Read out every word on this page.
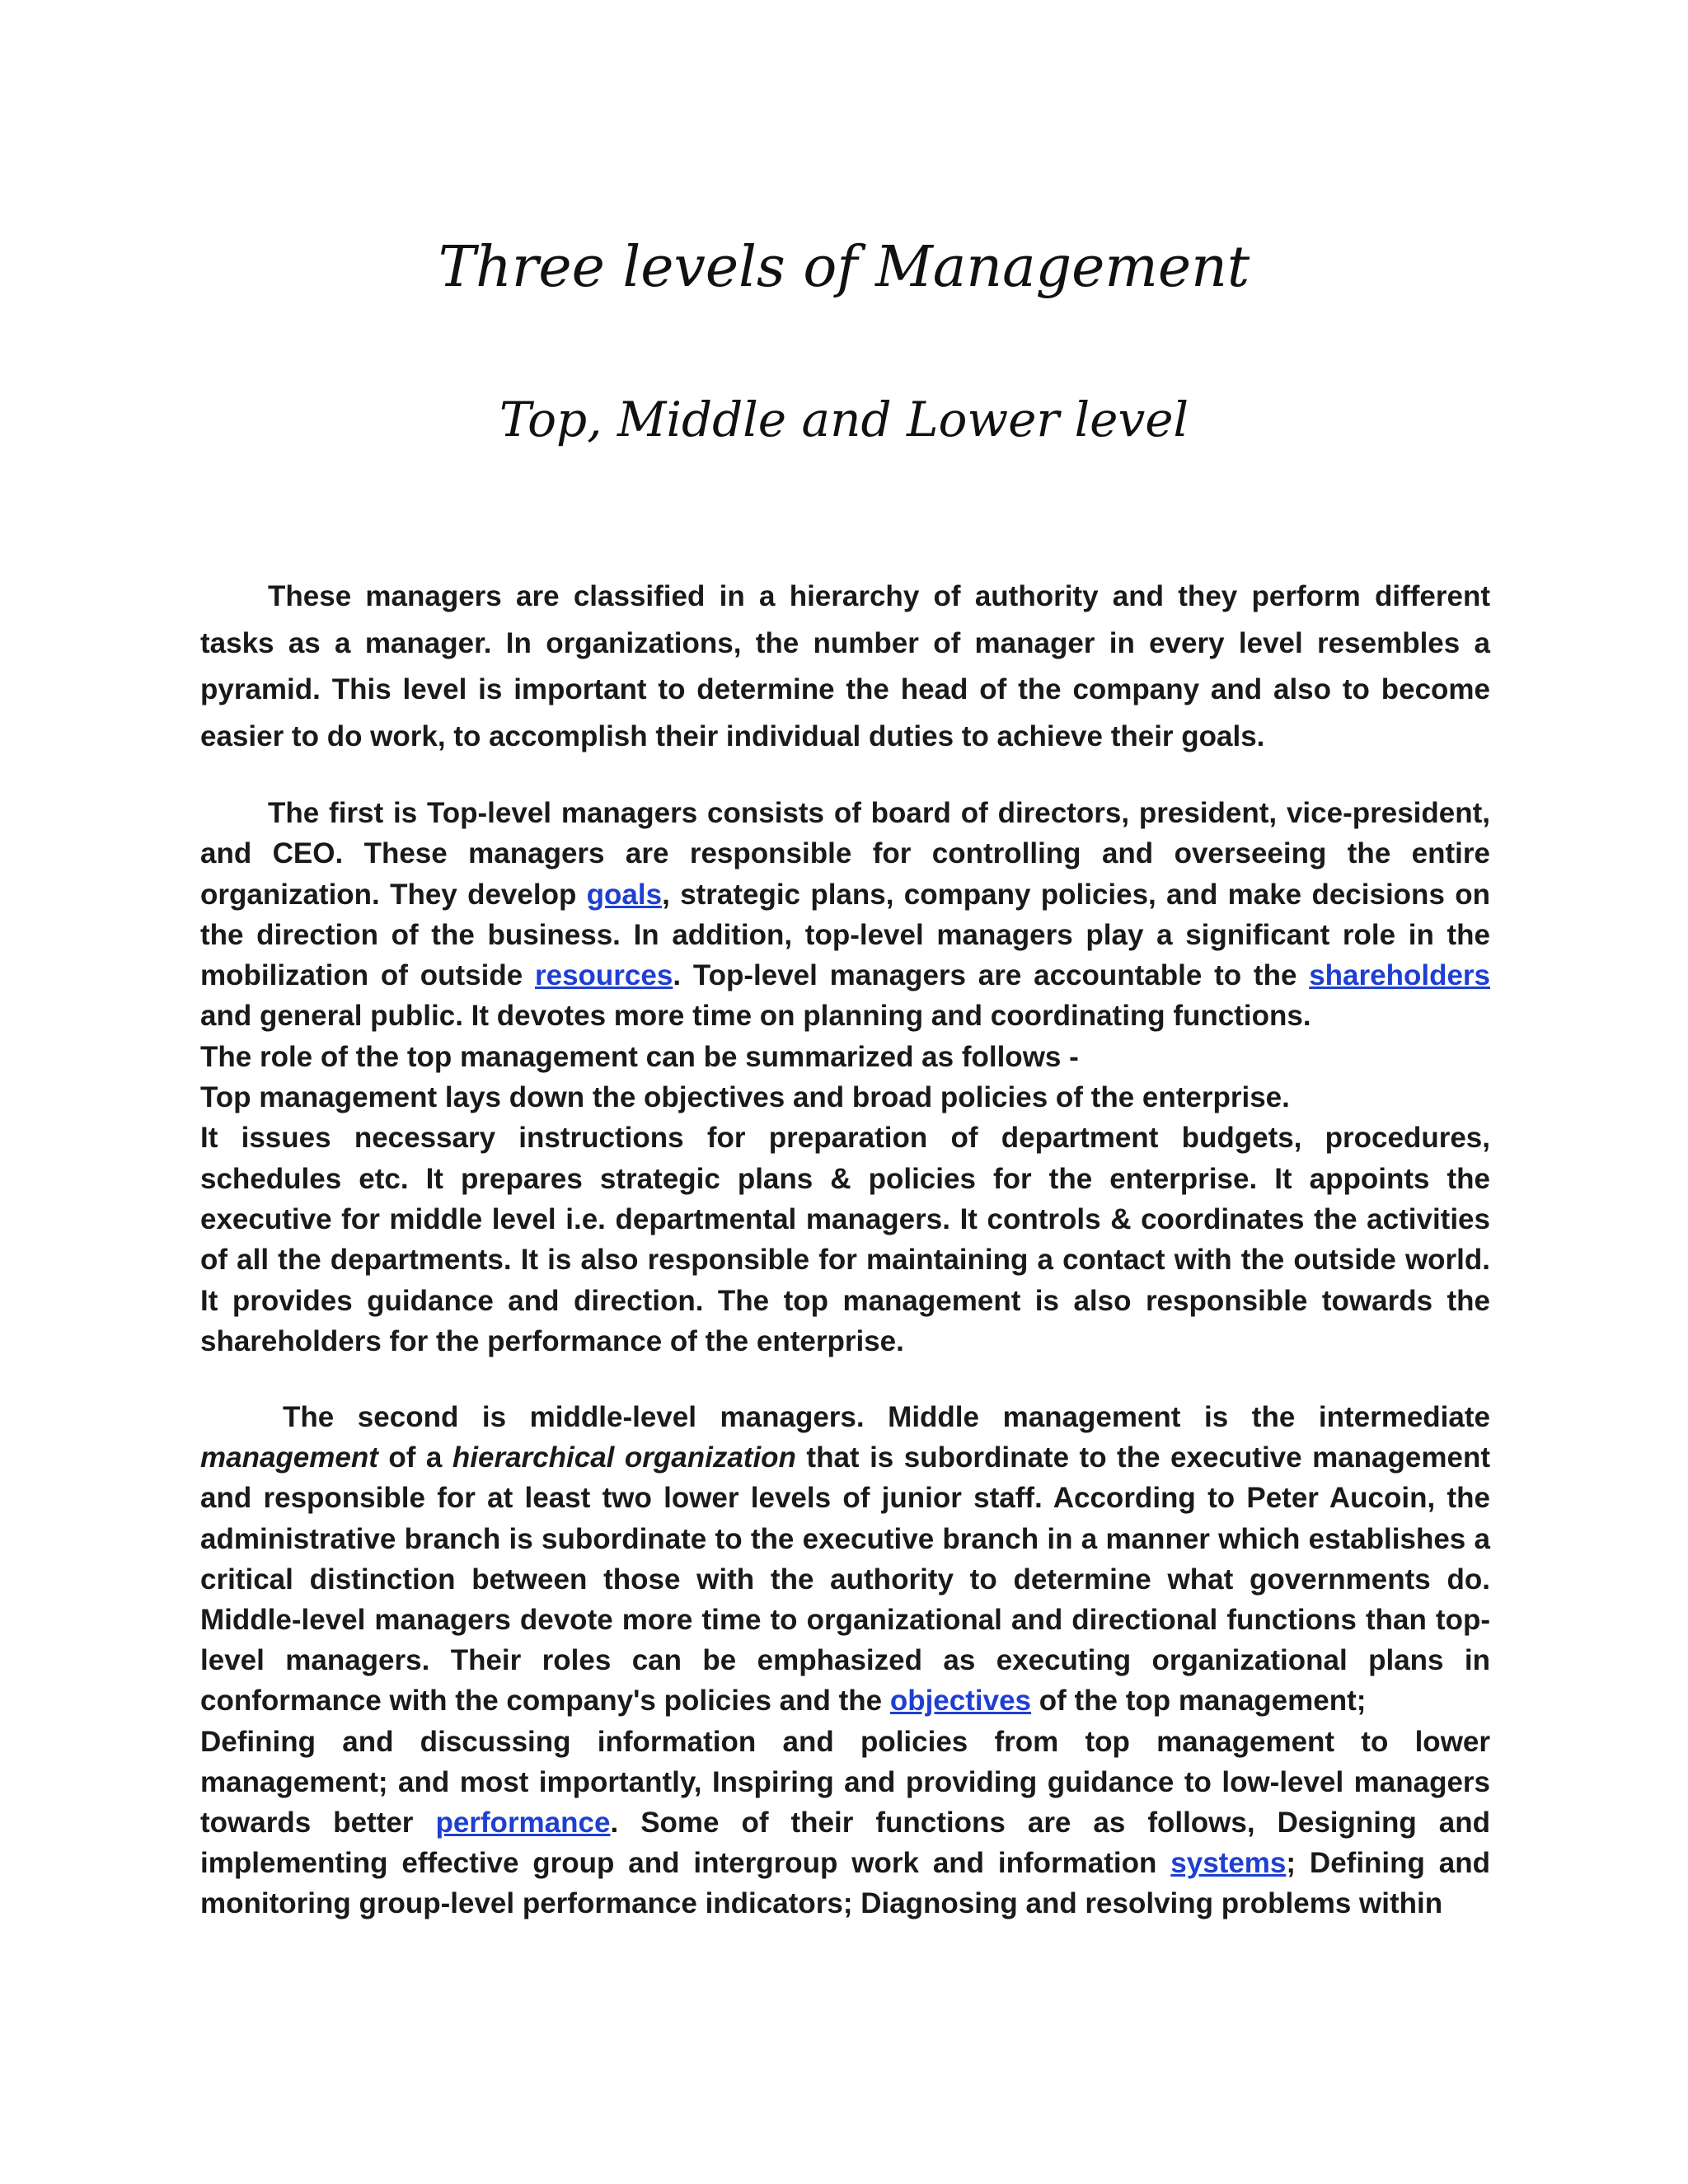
Three levels of Management
Top, Middle and Lower level

These managers are classified in a hierarchy of authority and they perform different tasks as a manager. In organizations, the number of manager in every level resembles a pyramid. This level is important to determine the head of the company and also to become easier to do work, to accomplish their individual duties to achieve their goals.

The first is Top-level managers consists of board of directors, president, vice-president, and CEO. These managers are responsible for controlling and overseeing the entire organization. They develop goals, strategic plans, company policies, and make decisions on the direction of the business. In addition, top-level managers play a significant role in the mobilization of outside resources. Top-level managers are accountable to the shareholders and general public. It devotes more time on planning and coordinating functions.

The role of the top management can be summarized as follows -

Top management lays down the objectives and broad policies of the enterprise.

It issues necessary instructions for preparation of department budgets, procedures, schedules etc. It prepares strategic plans & policies for the enterprise. It appoints the executive for middle level i.e. departmental managers. It controls & coordinates the activities of all the departments. It is also responsible for maintaining a contact with the outside world. It provides guidance and direction. The top management is also responsible towards the shareholders for the performance of the enterprise.

The second is middle-level managers. Middle management is the intermediate management of a hierarchical organization that is subordinate to the executive management and responsible for at least two lower levels of junior staff. According to Peter Aucoin, the administrative branch is subordinate to the executive branch in a manner which establishes a critical distinction between those with the authority to determine what governments do. Middle-level managers devote more time to organizational and directional functions than top-level managers. Their roles can be emphasized as executing organizational plans in conformance with the company's policies and the objectives of the top management;

Defining and discussing information and policies from top management to lower management; and most importantly, Inspiring and providing guidance to low-level managers towards better performance. Some of their functions are as follows, Designing and implementing effective group and intergroup work and information systems; Defining and monitoring group-level performance indicators; Diagnosing and resolving problems within
